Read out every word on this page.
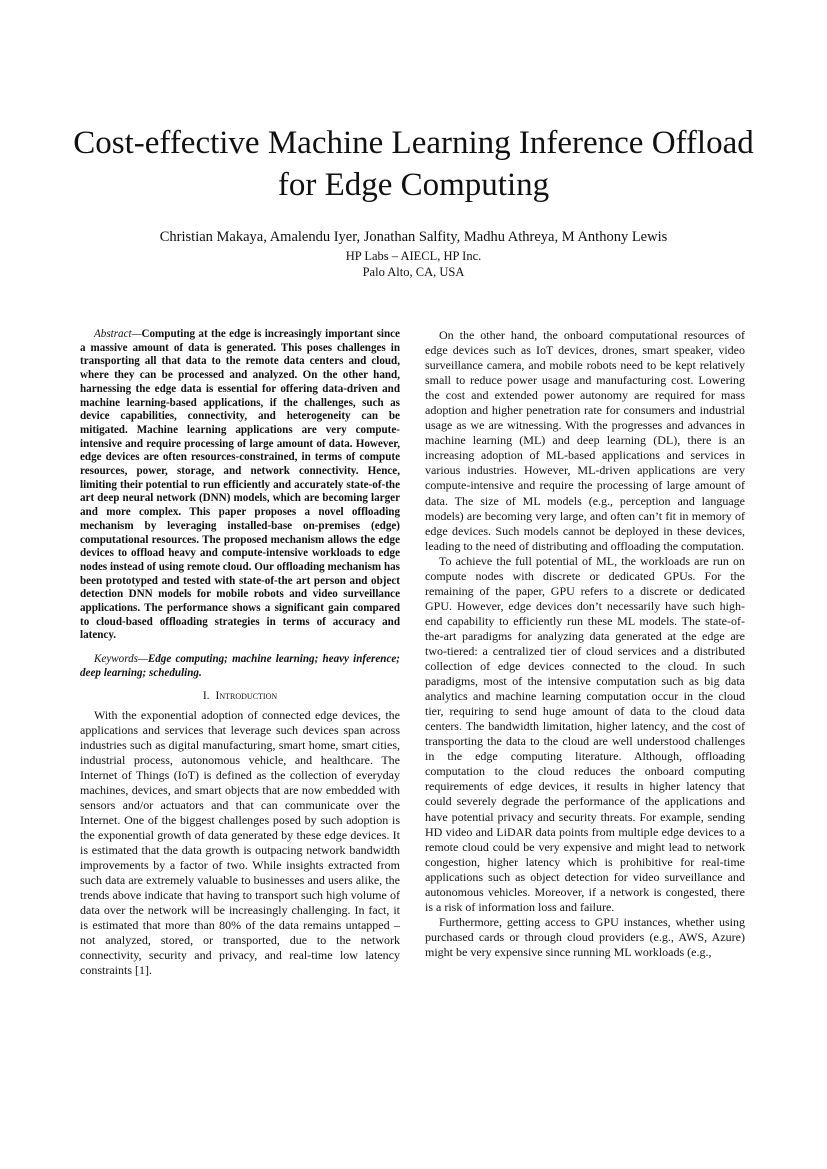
Cost-effective Machine Learning Inference Offload for Edge Computing
Christian Makaya, Amalendu Iyer, Jonathan Salfity, Madhu Athreya, M Anthony Lewis
HP Labs – AIECL, HP Inc.
Palo Alto, CA, USA

Abstract—Computing at the edge is increasingly important since a massive amount of data is generated. This poses challenges in transporting all that data to the remote data centers and cloud, where they can be processed and analyzed. On the other hand, harnessing the edge data is essential for offering data-driven and machine learning-based applications, if the challenges, such as device capabilities, connectivity, and heterogeneity can be mitigated. Machine learning applications are very compute-intensive and require processing of large amount of data. However, edge devices are often resources-constrained, in terms of compute resources, power, storage, and network connectivity. Hence, limiting their potential to run efficiently and accurately state-of-the art deep neural network (DNN) models, which are becoming larger and more complex. This paper proposes a novel offloading mechanism by leveraging installed-base on-premises (edge) computational resources. The proposed mechanism allows the edge devices to offload heavy and compute-intensive workloads to edge nodes instead of using remote cloud. Our offloading mechanism has been prototyped and tested with state-of-the art person and object detection DNN models for mobile robots and video surveillance applications. The performance shows a significant gain compared to cloud-based offloading strategies in terms of accuracy and latency.

Keywords—Edge computing; machine learning; heavy inference; deep learning; scheduling.

I. Introduction

With the exponential adoption of connected edge devices, the applications and services that leverage such devices span across industries such as digital manufacturing, smart home, smart cities, industrial process, autonomous vehicle, and healthcare. The Internet of Things (IoT) is defined as the collection of everyday machines, devices, and smart objects that are now embedded with sensors and/or actuators and that can communicate over the Internet. One of the biggest challenges posed by such adoption is the exponential growth of data generated by these edge devices. It is estimated that the data growth is outpacing network bandwidth improvements by a factor of two. While insights extracted from such data are extremely valuable to businesses and users alike, the trends above indicate that having to transport such high volume of data over the network will be increasingly challenging. In fact, it is estimated that more than 80% of the data remains untapped – not analyzed, stored, or transported, due to the network connectivity, security and privacy, and real-time low latency constraints [1].

On the other hand, the onboard computational resources of edge devices such as IoT devices, drones, smart speaker, video surveillance camera, and mobile robots need to be kept relatively small to reduce power usage and manufacturing cost. Lowering the cost and extended power autonomy are required for mass adoption and higher penetration rate for consumers and industrial usage as we are witnessing. With the progresses and advances in machine learning (ML) and deep learning (DL), there is an increasing adoption of ML-based applications and services in various industries. However, ML-driven applications are very compute-intensive and require the processing of large amount of data. The size of ML models (e.g., perception and language models) are becoming very large, and often can’t fit in memory of edge devices. Such models cannot be deployed in these devices, leading to the need of distributing and offloading the computation.

To achieve the full potential of ML, the workloads are run on compute nodes with discrete or dedicated GPUs. For the remaining of the paper, GPU refers to a discrete or dedicated GPU. However, edge devices don’t necessarily have such high-end capability to efficiently run these ML models. The state-of-the-art paradigms for analyzing data generated at the edge are two-tiered: a centralized tier of cloud services and a distributed collection of edge devices connected to the cloud. In such paradigms, most of the intensive computation such as big data analytics and machine learning computation occur in the cloud tier, requiring to send huge amount of data to the cloud data centers. The bandwidth limitation, higher latency, and the cost of transporting the data to the cloud are well understood challenges in the edge computing literature. Although, offloading computation to the cloud reduces the onboard computing requirements of edge devices, it results in higher latency that could severely degrade the performance of the applications and have potential privacy and security threats. For example, sending HD video and LiDAR data points from multiple edge devices to a remote cloud could be very expensive and might lead to network congestion, higher latency which is prohibitive for real-time applications such as object detection for video surveillance and autonomous vehicles. Moreover, if a network is congested, there is a risk of information loss and failure.

Furthermore, getting access to GPU instances, whether using purchased cards or through cloud providers (e.g., AWS, Azure) might be very expensive since running ML workloads (e.g.,
